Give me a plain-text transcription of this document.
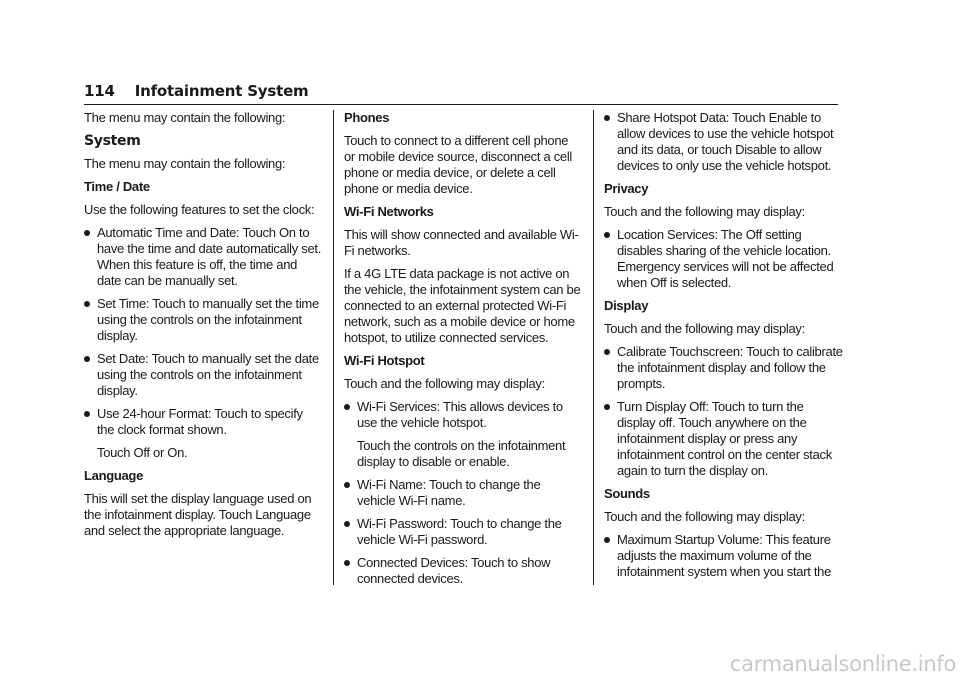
114 Infotainment System

The menu may contain the following:

System

The menu may contain the following:

Time / Date

Use the following features to set the clock:

Automatic Time and Date: Touch On to have the time and date automatically set. When this feature is off, the time and date can be manually set.
Set Time: Touch to manually set the time using the controls on the infotainment display.
Set Date: Touch to manually set the date using the controls on the infotainment display.
Use 24-hour Format: Touch to specify the clock format shown.

Touch Off or On.

Language

This will set the display language used on the infotainment display. Touch Language and select the appropriate language.

Phones

Touch to connect to a different cell phone or mobile device source, disconnect a cell phone or media device, or delete a cell phone or media device.

Wi-Fi Networks

This will show connected and available Wi-Fi networks.

If a 4G LTE data package is not active on the vehicle, the infotainment system can be connected to an external protected Wi-Fi network, such as a mobile device or home hotspot, to utilize connected services.

Wi-Fi Hotspot

Touch and the following may display:

Wi-Fi Services: This allows devices to use the vehicle hotspot.

Touch the controls on the infotainment display to disable or enable.

Wi-Fi Name: Touch to change the vehicle Wi-Fi name.
Wi-Fi Password: Touch to change the vehicle Wi-Fi password.
Connected Devices: Touch to show connected devices.
Share Hotspot Data: Touch Enable to allow devices to use the vehicle hotspot and its data, or touch Disable to allow devices to only use the vehicle hotspot.
Privacy

Touch and the following may display:

Location Services: The Off setting disables sharing of the vehicle location. Emergency services will not be affected when Off is selected.
Display

Touch and the following may display:

Calibrate Touchscreen: Touch to calibrate the infotainment display and follow the prompts.
Turn Display Off: Touch to turn the display off. Touch anywhere on the infotainment display or press any infotainment control on the center stack again to turn the display on.
Sounds

Touch and the following may display:

Maximum Startup Volume: This feature adjusts the maximum volume of the infotainment system when you start the
carmanualsonline.info
